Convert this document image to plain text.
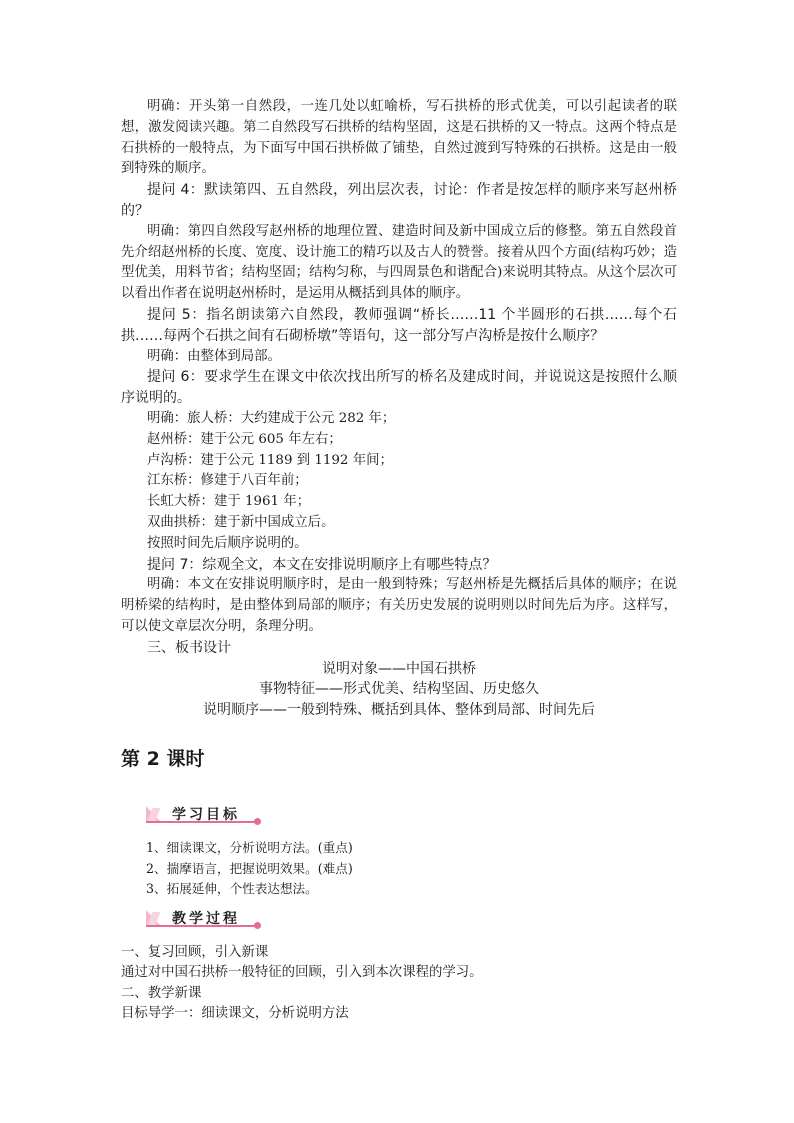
明确：开头第一自然段，一连几处以虹喻桥，写石拱桥的形式优美，可以引起读者的联想，激发阅读兴趣。第二自然段写石拱桥的结构坚固，这是石拱桥的又一特点。这两个特点是石拱桥的一般特点，为下面写中国石拱桥做了铺垫，自然过渡到写特殊的石拱桥。这是由一般到特殊的顺序。

提问 4：默读第四、五自然段，列出层次表，讨论：作者是按怎样的顺序来写赵州桥的？

明确：第四自然段写赵州桥的地理位置、建造时间及新中国成立后的修整。第五自然段首先介绍赵州桥的长度、宽度、设计施工的精巧以及古人的赞誉。接着从四个方面(结构巧妙；造型优美，用料节省；结构坚固；结构匀称，与四周景色和谐配合)来说明其特点。从这个层次可以看出作者在说明赵州桥时，是运用从概括到具体的顺序。

提问 5：指名朗读第六自然段，教师强调“桥长……11 个半圆形的石拱……每个石拱……每两个石拱之间有石砌桥墩”等语句，这一部分写卢沟桥是按什么顺序？

明确：由整体到局部。

提问 6：要求学生在课文中依次找出所写的桥名及建成时间，并说说这是按照什么顺序说明的。

明确：旅人桥：大约建成于公元 282 年；

赵州桥：建于公元 605 年左右；

卢沟桥：建于公元 1189 到 1192 年间；

江东桥：修建于八百年前；

长虹大桥：建于 1961 年；

双曲拱桥：建于新中国成立后。

按照时间先后顺序说明的。

提问 7：综观全文，本文在安排说明顺序上有哪些特点？

明确：本文在安排说明顺序时，是由一般到特殊；写赵州桥是先概括后具体的顺序；在说明桥梁的结构时，是由整体到局部的顺序；有关历史发展的说明则以时间先后为序。这样写，可以使文章层次分明，条理分明。

三、板书设计

说明对象——中国石拱桥

事物特征——形式优美、结构坚固、历史悠久

说明顺序——一般到特殊、概括到具体、整体到局部、时间先后

第 2 课时
学习目标

1、细读课文，分析说明方法。(重点)

2、揣摩语言，把握说明效果。(难点)

3、拓展延伸，个性表达想法。

教学过程

一、复习回顾，引入新课

通过对中国石拱桥一般特征的回顾，引入到本次课程的学习。

二、教学新课

目标导学一：细读课文，分析说明方法
